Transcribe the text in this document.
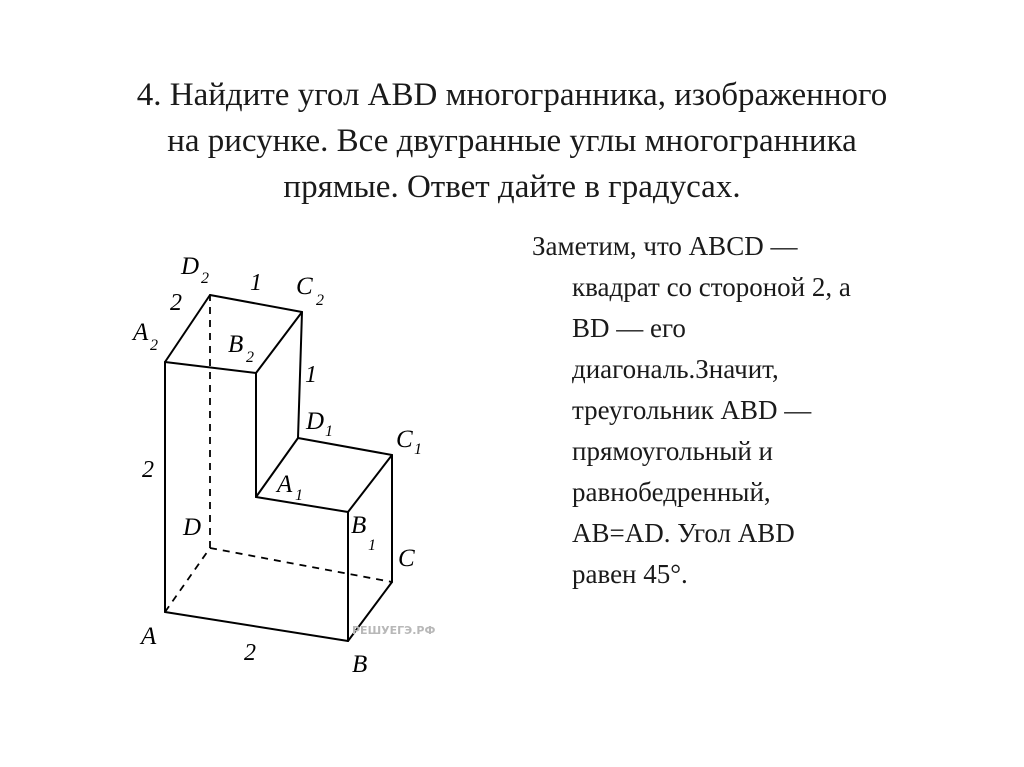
4. Найдите угол ABD многогранника, изображенного
на рисунке. Все двугранные углы многогранника
прямые. Ответ дайте в градусах.
A
B
C
D
A 1
B
1
C 1
D 1
A 2	B 2
C
2
D 2 1
2
1
2
2
РЕШУЕГЭ.РФ
Заметим, что ABCD —
квадрат со стороной 2, а
BD — его
диагональ.Значит,
треугольник ABD —
прямоугольный и
равнобедренный,
AB=AD. Угол ABD
равен 45°.
